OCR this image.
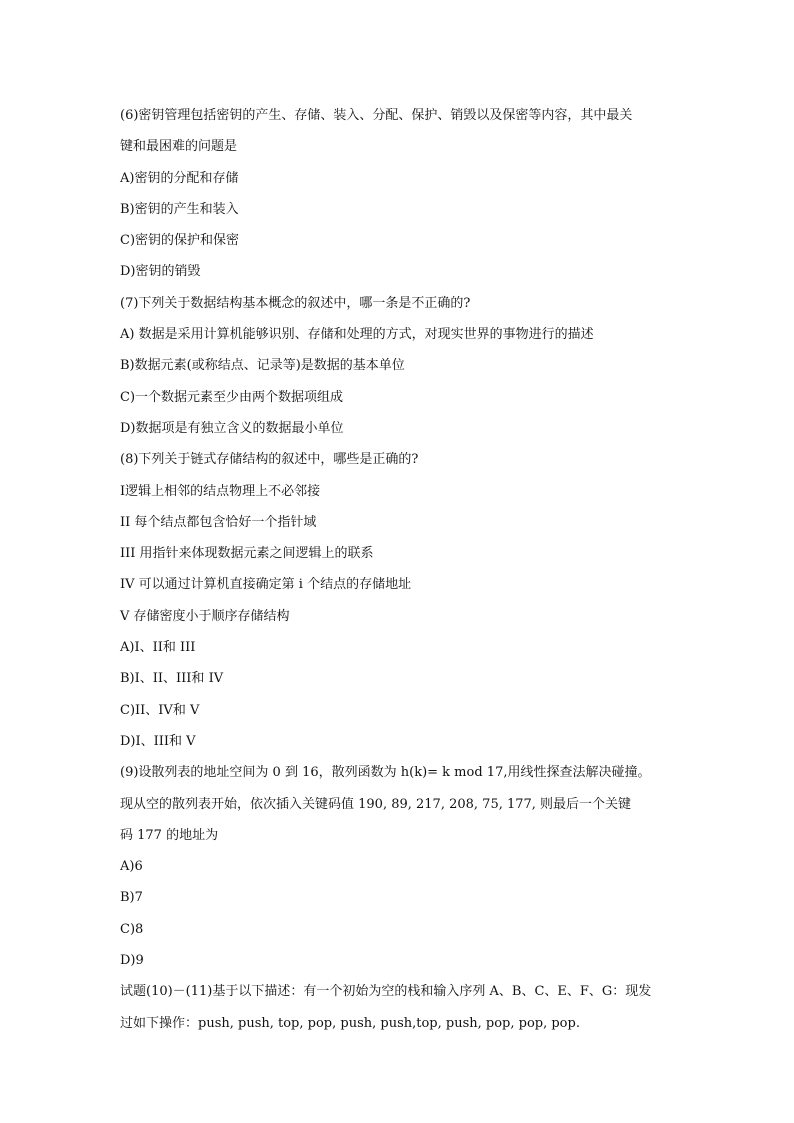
(6)密钥管理包括密钥的产生、存储、装入、分配、保护、销毁以及保密等内容，其中最关
键和最困难的问题是
A)密钥的分配和存储
B)密钥的产生和装入
C)密钥的保护和保密
D)密钥的销毁
(7)下列关于数据结构基本概念的叙述中，哪一条是不正确的?
A) 数据是采用计算机能够识别、存储和处理的方式，对现实世界的事物进行的描述
B)数据元素(或称结点、记录等)是数据的基本单位
C)一个数据元素至少由两个数据项组成
D)数据项是有独立含义的数据最小单位
(8)下列关于链式存储结构的叙述中，哪些是正确的?
I逻辑上相邻的结点物理上不必邻接
II 每个结点都包含恰好一个指针域
III 用指针来体现数据元素之间逻辑上的联系
IV 可以通过计算机直接确定第 i 个结点的存储地址
V 存储密度小于顺序存储结构
A)I、II和 III
B)I、II、III和 IV
C)II、IV和 V
D)I、III和 V
(9)设散列表的地址空间为 0 到 16，散列函数为 h(k)= k mod 17,用线性探查法解决碰撞。
现从空的散列表开始，依次插入关键码值 190, 89, 217, 208, 75, 177, 则最后一个关键
码 177 的地址为
A)6
B)7
C)8
D)9
试题(10)－(11)基于以下描述：有一个初始为空的栈和输入序列 A、B、C、E、F、G：现发
过如下操作：push, push, top, pop, push, push,top, push, pop, pop, pop.
